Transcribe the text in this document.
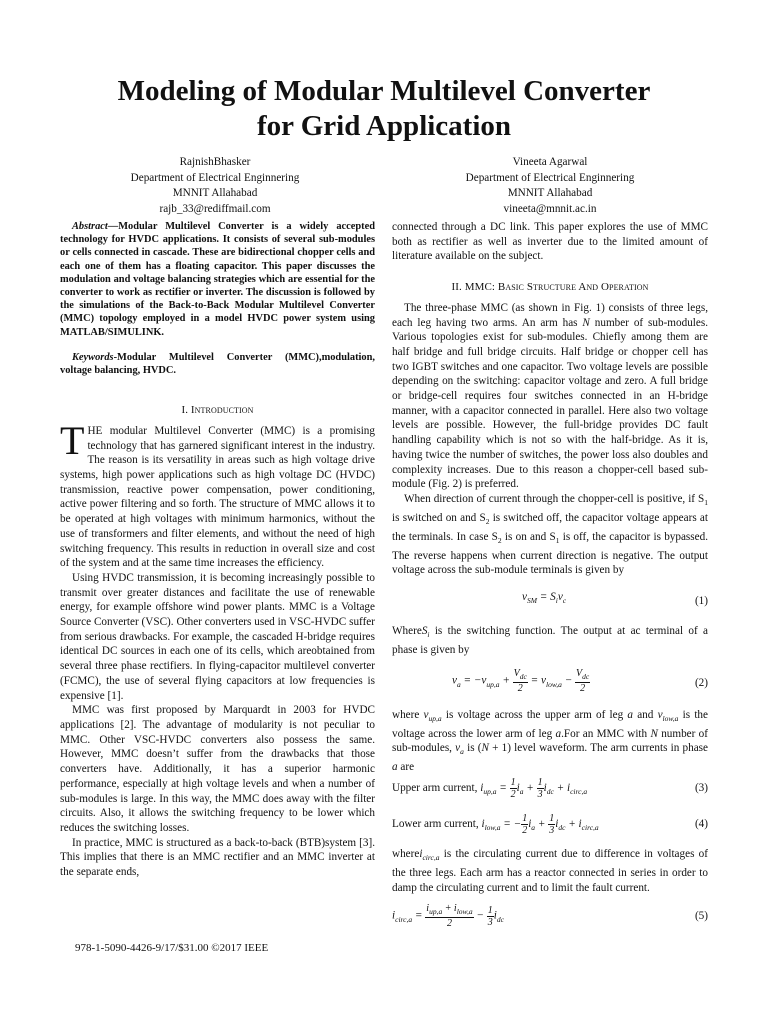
Modeling of Modular Multilevel Converter
for Grid Application
RajnishBhasker
Department of Electrical Enginnering
MNNIT Allahabad
rajb_33@rediffmail.com
Vineeta Agarwal
Department of Electrical Enginnering
MNNIT Allahabad
vineeta@mnnit.ac.in

Abstract—Modular Multilevel Converter is a widely accepted technology for HVDC applications. It consists of several sub-modules or cells connected in cascade. These are bidirectional chopper cells and each one of them has a floating capacitor. This paper discusses the modulation and voltage balancing strategies which are essential for the converter to work as rectifier or inverter. The discussion is followed by the simulations of the Back-to-Back Modular Multilevel Converter (MMC) topology employed in a model HVDC power system using MATLAB/SIMULINK.

Keywords-Modular Multilevel Converter (MMC),modulation, voltage balancing, HVDC.

I. Introduction
T HE modular Multilevel Converter (MMC) is a promising technology that has garnered significant interest in the industry. The reason is its versatility in areas such as high voltage drive systems, high power applications such as high voltage DC (HVDC) transmission, reactive power compensation, power conditioning, active power filtering and so forth. The structure of MMC allows it to be operated at high voltages with minimum harmonics, without the use of transformers and filter elements, and without the need of high switching frequency. This results in reduction in overall size and cost of the system and at the same time increases the efficiency.

Using HVDC transmission, it is becoming increasingly possible to transmit over greater distances and facilitate the use of renewable energy, for example offshore wind power plants. MMC is a Voltage Source Converter (VSC). Other converters used in VSC-HVDC suffer from serious drawbacks. For example, the cascaded H-bridge requires identical DC sources in each one of its cells, which areobtained from several three phase rectifiers. In flying-capacitor multilevel converter (FCMC), the use of several flying capacitors at low frequencies is expensive [1].

MMC was first proposed by Marquardt in 2003 for HVDC applications [2]. The advantage of modularity is not peculiar to MMC. Other VSC-HVDC converters also possess the same. However, MMC doesn’t suffer from the drawbacks that those converters have. Additionally, it has a superior harmonic performance, especially at high voltage levels and when a number of sub-modules is large. In this way, the MMC does away with the filter circuits. Also, it allows the switching frequency to be lower which reduces the switching losses.

In practice, MMC is structured as a back-to-back (BTB)system [3]. This implies that there is an MMC rectifier and an MMC inverter at the separate ends,

connected through a DC link. This paper explores the use of MMC both as rectifier as well as inverter due to the limited amount of literature available on the subject.

II. MMC: Basic Structure And Operation

The three-phase MMC (as shown in Fig. 1) consists of three legs, each leg having two arms. An arm has N number of sub-modules. Various topologies exist for sub-modules. Chiefly among them are half bridge and full bridge circuits. Half bridge or chopper cell has two IGBT switches and one capacitor. Two voltage levels are possible depending on the switching: capacitor voltage and zero. A full bridge or bridge-cell requires four switches connected in an H-bridge manner, with a capacitor connected in parallel. Here also two voltage levels are possible. However, the full-bridge provides DC fault handling capability which is not so with the half-bridge. As it is, having twice the number of switches, the power loss also doubles and complexity increases. Due to this reason a chopper-cell based sub-module (Fig. 2) is preferred.

When direction of current through the chopper-cell is positive, if $S_1$ is switched on and $S_2$ is switched off, the capacitor voltage appears at the terminals. In case $S_2$ is on and $S_1$ is off, the capacitor is bypassed. The reverse happens when current direction is negative. The output voltage across the sub-module terminals is given by

$v_{SM} = S_iv_c$	(1)

WhereS$_i$ is the switching function. The output at ac terminal of a phase is given by

$v_a = -v_{up,a} + \frac{V_{dc}}{2} = v_{low,a} - \frac{V_{dc}}{2}$	(2)

where $v_{up,a}$ is voltage across the upper arm of leg a and $v_{low,a}$ is the voltage across the lower arm of leg a.For an MMC with N number of sub-modules, $v_a$ is (N + 1) level waveform. The arm currents in phase a are

Upper arm current, $i_{up,a} = \frac{1}{2} i_a + \frac{1}{3} i_{dc} + i_{circ,a}$	(3)
Lower arm current, $i_{low,a}$ = − $\frac{1}{2} i_a + \frac{1}{3} i_{dc} + i_{circ,a}$	(4)

wherei$_{circ,a}$ is the circulating current due to difference in voltages of the three legs. Each arm has a reactor connected in series in order to damp the circulating current and to limit the fault current.

$i_{circ,a} = \frac{i_{up,a} + i_{low,a}}{2} - \frac{1}{3} i_{dc}$	(5)
978-1-5090-4426-9/17/$31.00 ©2017 IEEE
